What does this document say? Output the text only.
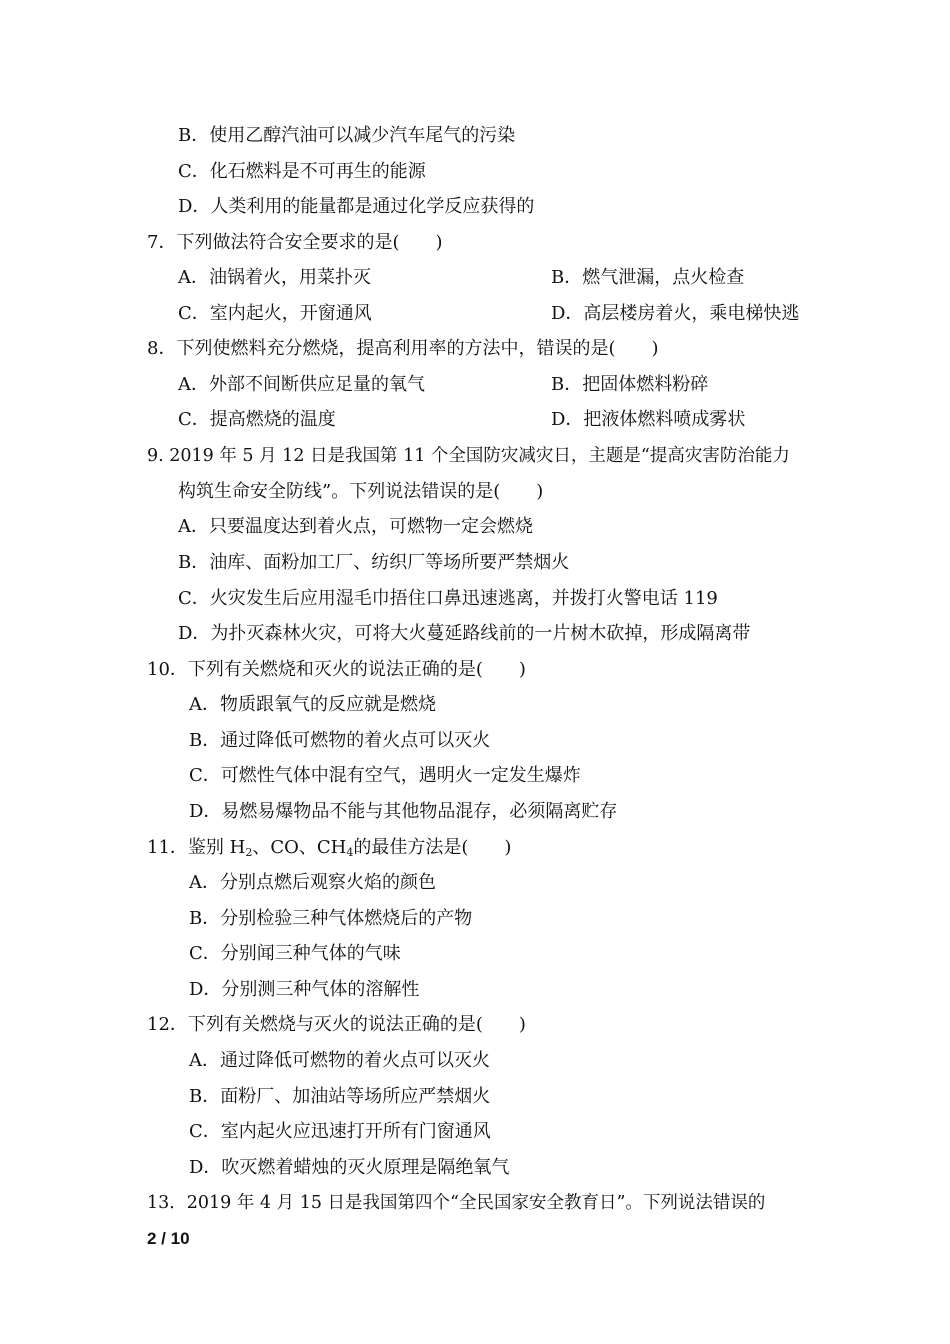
B．使用乙醇汽油可以减少汽车尾气的污染
C．化石燃料是不可再生的能源
D．人类利用的能量都是通过化学反应获得的
7．下列做法符合安全要求的是(　　)
A．油锅着火，用菜扑灭	B．燃气泄漏，点火检查
C．室内起火，开窗通风	D．高层楼房着火，乘电梯快逃
8．下列使燃料充分燃烧，提高利用率的方法中，错误的是(　　)
A．外部不间断供应足量的氧气	B．把固体燃料粉碎
C．提高燃烧的温度	D．把液体燃料喷成雾状
9. 2019 年 5 月 12 日是我国第 11 个全国防灾减灾日，主题是“提高灾害防治能力
构筑生命安全防线”。下列说法错误的是(　　)
A．只要温度达到着火点，可燃物一定会燃烧
B．油库、面粉加工厂、纺织厂等场所要严禁烟火
C．火灾发生后应用湿毛巾捂住口鼻迅速逃离，并拨打火警电话 119
D．为扑灭森林火灾，可将大火蔓延路线前的一片树木砍掉，形成隔离带
10．下列有关燃烧和灭火的说法正确的是(　　)
A．物质跟氧气的反应就是燃烧
B．通过降低可燃物的着火点可以灭火
C．可燃性气体中混有空气，遇明火一定发生爆炸
D．易燃易爆物品不能与其他物品混存，必须隔离贮存
11．鉴别 $H_2$、CO、$CH_4$的最佳方法是(　　)
A．分别点燃后观察火焰的颜色
B．分别检验三种气体燃烧后的产物
C．分别闻三种气体的气味
D．分别测三种气体的溶解性
12．下列有关燃烧与灭火的说法正确的是(　　)
A．通过降低可燃物的着火点可以灭火
B．面粉厂、加油站等场所应严禁烟火
C．室内起火应迅速打开所有门窗通风
D．吹灭燃着蜡烛的灭火原理是隔绝氧气
13．2019 年 4 月 15 日是我国第四个“全民国家安全教育日”。下列说法错误的
2 / 10
